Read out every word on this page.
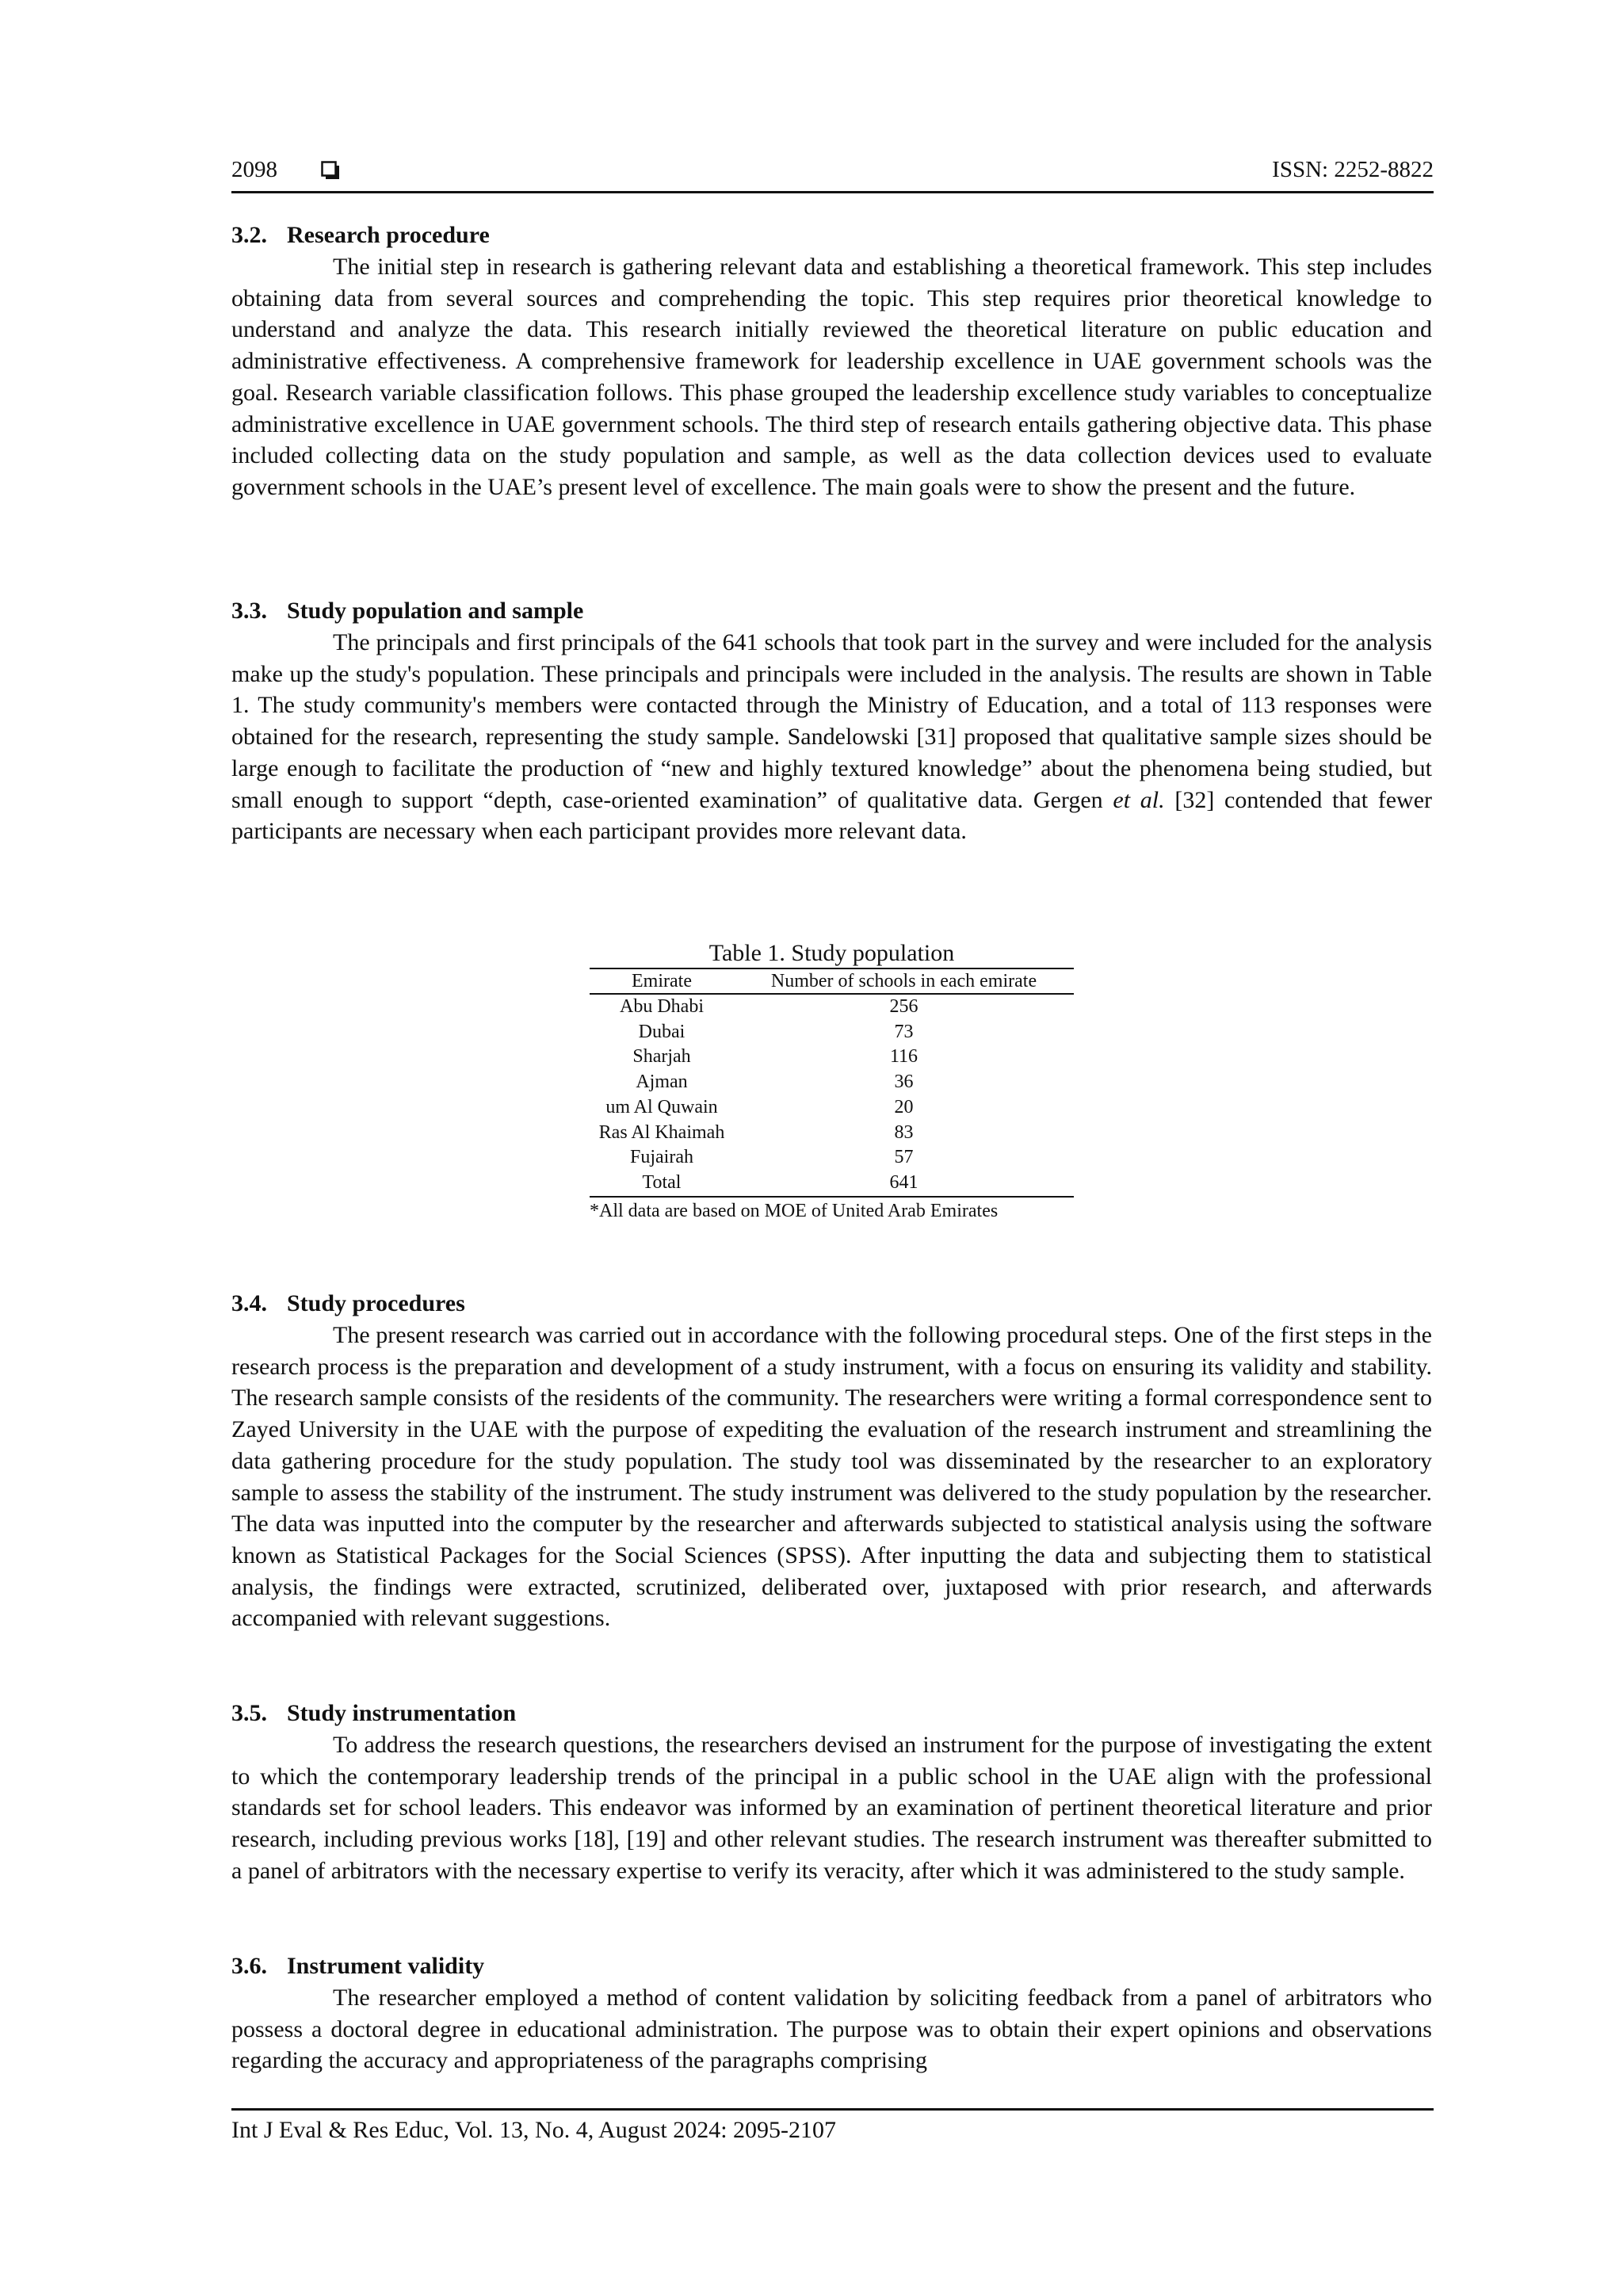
2098	ISSN: 2252-8822

3.2. Research procedure

The initial step in research is gathering relevant data and establishing a theoretical framework. This step includes obtaining data from several sources and comprehending the topic. This step requires prior theoretical knowledge to understand and analyze the data. This research initially reviewed the theoretical literature on public education and administrative effectiveness. A comprehensive framework for leadership excellence in UAE government schools was the goal. Research variable classification follows. This phase grouped the leadership excellence study variables to conceptualize administrative excellence in UAE government schools. The third step of research entails gathering objective data. This phase included collecting data on the study population and sample, as well as the data collection devices used to evaluate government schools in the UAE’s present level of excellence. The main goals were to show the present and the future.

3.3. Study population and sample

The principals and first principals of the 641 schools that took part in the survey and were included for the analysis make up the study's population. These principals and principals were included in the analysis. The results are shown in Table 1. The study community's members were contacted through the Ministry of Education, and a total of 113 responses were obtained for the research, representing the study sample. Sandelowski [31] proposed that qualitative sample sizes should be large enough to facilitate the production of “new and highly textured knowledge” about the phenomena being studied, but small enough to support “depth, case-oriented examination” of qualitative data. Gergen et al. [32] contended that fewer participants are necessary when each participant provides more relevant data.

Table 1. Study population
Emirate	Number of schools in each emirate
Abu Dhabi	256
Dubai	73
Sharjah	116
Ajman	36
um Al Quwain	20
Ras Al Khaimah	83
Fujairah	57
Total	641
*All data are based on MOE of United Arab Emirates

3.4. Study procedures

The present research was carried out in accordance with the following procedural steps. One of the first steps in the research process is the preparation and development of a study instrument, with a focus on ensuring its validity and stability. The research sample consists of the residents of the community. The researchers were writing a formal correspondence sent to Zayed University in the UAE with the purpose of expediting the evaluation of the research instrument and streamlining the data gathering procedure for the study population. The study tool was disseminated by the researcher to an exploratory sample to assess the stability of the instrument. The study instrument was delivered to the study population by the researcher. The data was inputted into the computer by the researcher and afterwards subjected to statistical analysis using the software known as Statistical Packages for the Social Sciences (SPSS). After inputting the data and subjecting them to statistical analysis, the findings were extracted, scrutinized, deliberated over, juxtaposed with prior research, and afterwards accompanied with relevant suggestions.

3.5. Study instrumentation

To address the research questions, the researchers devised an instrument for the purpose of investigating the extent to which the contemporary leadership trends of the principal in a public school in the UAE align with the professional standards set for school leaders. This endeavor was informed by an examination of pertinent theoretical literature and prior research, including previous works [18], [19] and other relevant studies. The research instrument was thereafter submitted to a panel of arbitrators with the necessary expertise to verify its veracity, after which it was administered to the study sample.

3.6. Instrument validity

The researcher employed a method of content validation by soliciting feedback from a panel of arbitrators who possess a doctoral degree in educational administration. The purpose was to obtain their expert opinions and observations regarding the accuracy and appropriateness of the paragraphs comprising

Int J Eval & Res Educ, Vol. 13, No. 4, August 2024: 2095-2107
